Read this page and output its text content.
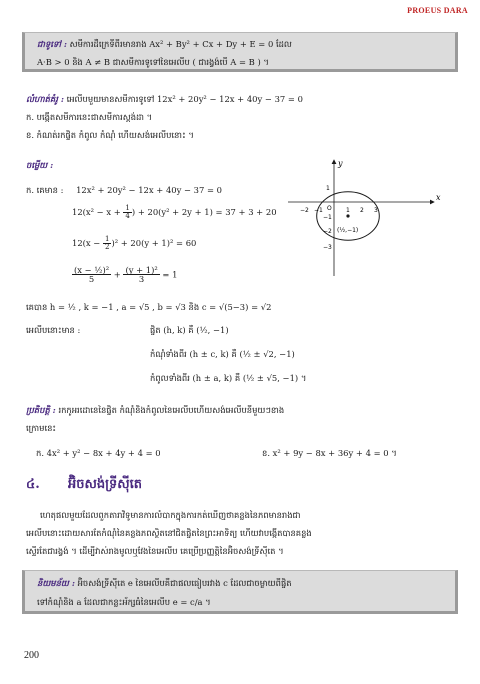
PROEUS DARA
ជាទូទៅ : សមីការដឺក្រេទីពីរមានរាង Ax² + By² + Cx + Dy + E = 0 ដែល
A·B > 0 និង A ≠ B ជាសមីការទូទៅនៃអេលីប ( ជារង្វង់បើ A = B ) ។
លំហាត់គំរូ : អេលីបមួយមានសមីការទូទៅ 12x² + 20y² − 12x + 40y − 37 = 0
ក. បង្កើតសមីការនេះជាសមីការស្តង់ដា ។
ខ. កំណត់រកផ្ចិត កំពូល កំណុំ ហើយសង់អេលីបនោះ ។
ចម្លើយ :
ក. គេមាន : 12x² + 20y² − 12x + 40y − 37 = 0
$12(x^2 - x + \frac{1}{4}$ ) + 20(y² + 2y + 1) = 37 + 3 + 20
$12(x - \frac{1}{2} )^2 + 20(y + 1)^2 = 60$
$\frac{\text{(x − ½)²}}{5} + \frac{\text{(y + 1)²}}{3} = 1$
គេបាន h = ½ , k = −1 , a = √5 , b = √3 និង c = √(5−3) = √2
អេលីបនោះមាន :	ផ្ចិត (h, k) គឺ (½, −1)
កំណុំទាំងពីរ (h ± c, k) គឺ (½ ± √2, −1)
កំពូលទាំងពីរ (h ± a, k) គឺ (½ ± √5, −1) ។
x
y
−2 −1 O 1 2 3
1
−1
−2
−3
(½,−1)
ប្រតិបត្តិ : រកកូអរដោនេនៃផ្ចិត កំណុំនិងកំពូលនៃអេលីបហើយសង់អេលីបនីមួយៗខាង
ក្រោមនេះ
ក. 4x² + y² − 8x + 4y + 4 = 0	ខ. x² + 9y − 8x + 36y + 4 = 0 ។
៤. អ៊ិចសង់ទ្រីស៊ីតេ
ហេតុផលមួយដែលពួកតារាវិទូមានការលំបាកក្នុងការកត់ឃើញថាគន្លងនៃភពមានរាងជា
អេលីបនោះដោយសារតែកំណុំនៃគន្លងភពស្ថិតនៅជិតផ្ចិតនៃព្រះអាទិត្យ ហើយវាបង្កើតបានគន្លង
ស្ទើរតែជារង្វង់ ។ ដើម្បីវាស់រាងមូលឬវែងនៃអេលីប គេប្រើប្រញ្ញត្តិនៃអ៊ិចសង់ទ្រីស៊ីតេ ។
និយមន័យ : អ៊ិចសង់ទ្រីស៊ីតេ e នៃអេលីបគឺជាផលធៀបរវាង c ដែលជាចម្ងាយពីផ្ចិត
ទៅកំណុំនិង a ដែលជាកន្លះអ័ក្សធំនៃអេលីប e = c/a ។
200
